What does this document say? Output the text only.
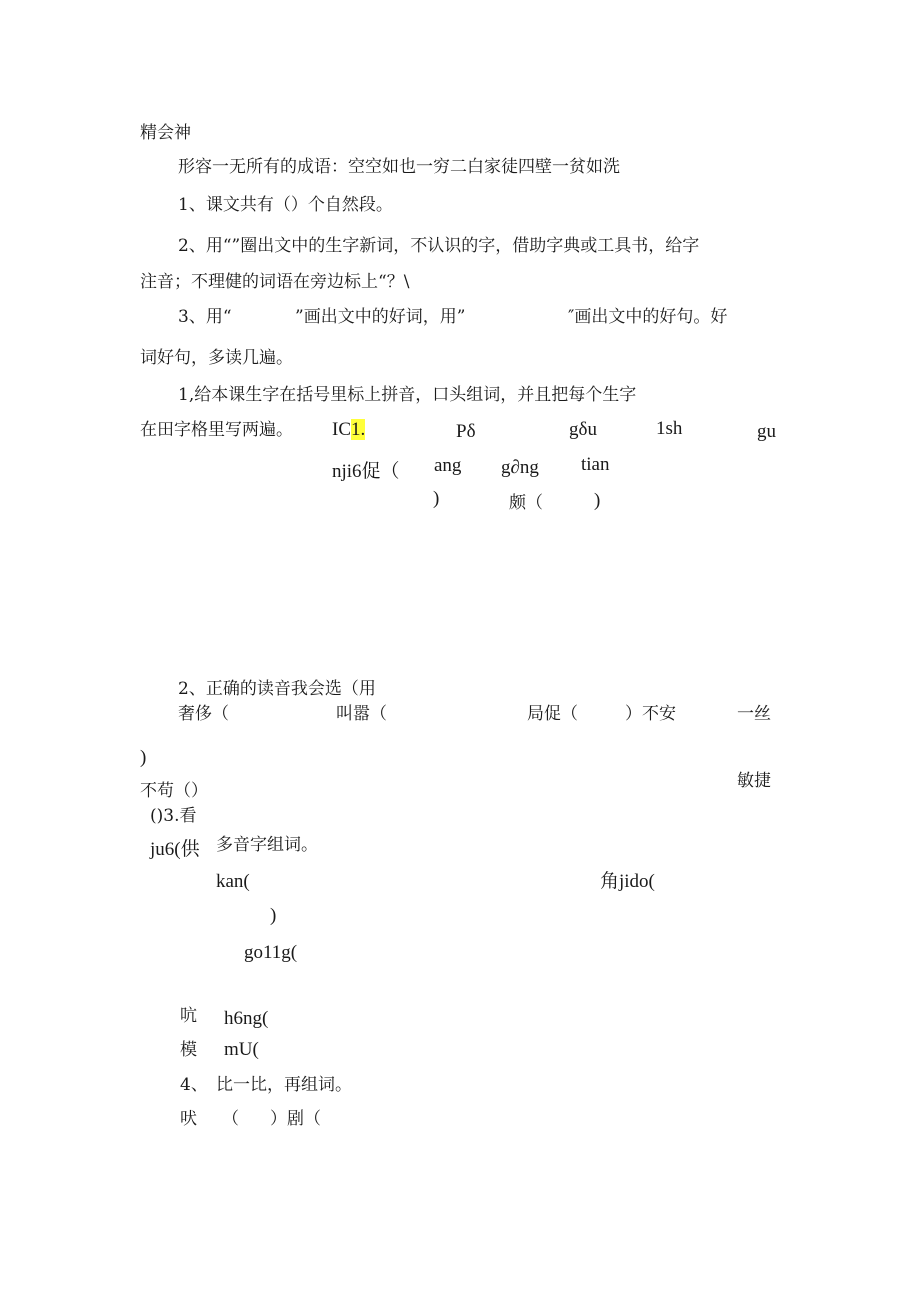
精会神
形容一无所有的成语：空空如也一穷二白家徒四壁一贫如洗
1、课文共有（）个自然段。
2、用“”圈出文中的生字新词，不认识的字，借助字典或工具书，给字
注音；不理健的词语在旁边标上“？\
3、用“	”画出文中的好词，用”	″画出文中的好句。好
词好句，多读几遍。
1,给本课生字在括号里标上拼音，口头组词，并且把每个生字
在田字格里写两遍。 IC1.	Pδ	gδu	1sh	gu
nji6促（ ang
)
g∂ng tian
颇（	)
2、正确的读音我会选（用
奢侈（	叫嚣（	局促（	）不安	一丝
)
不苟（）	敏捷
()3.看
ju6(供 多音字组词。
kan(	角jido(
)
go11g(
吭 h6ng(
模 mU(
4、 比一比，再组词。
吠 （ ）剧（
